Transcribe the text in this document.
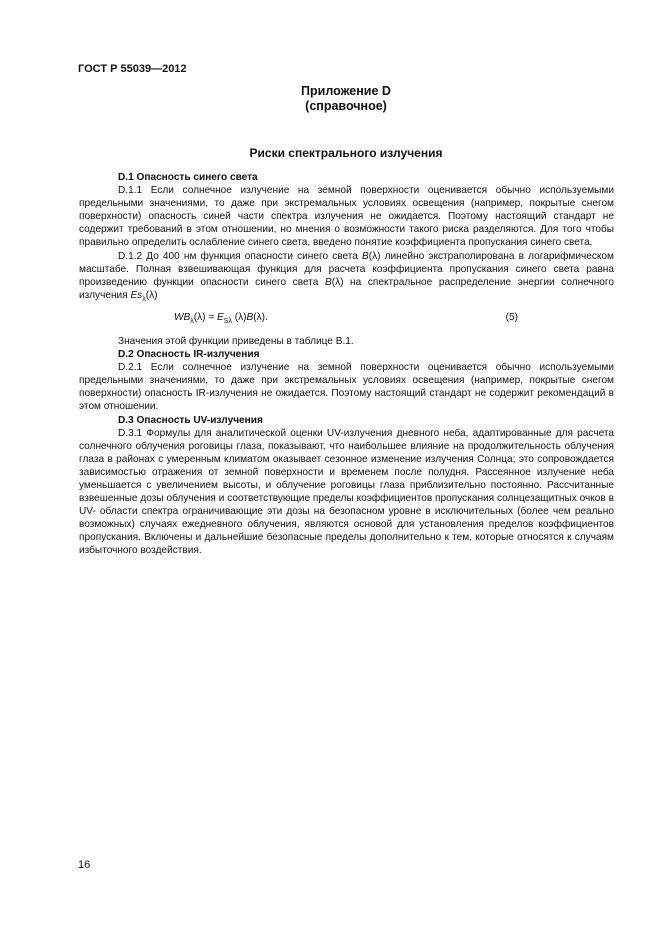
ГОСТ Р 55039—2012
Приложение D
(справочное)
Риски спектрального излучения
D.1 Опасность синего света

D.1.1 Если солнечное излучение на земной поверхности оценивается обычно используемыми предельными значениями, то даже при экстремальных условиях освещения (например, покрытые снегом поверхности) опасность синей части спектра излучения не ожидается. Поэтому настоящий стандарт не содержит требований в этом отношении, но мнения о возможности такого риска разделяются. Для того чтобы правильно определить ослабление синего света, введено понятие коэффициента пропускания синего света.

D.1.2 До 400 нм функция опасности синего света B(λ) линейно экстраполирована в логарифмическом масштабе. Полная взвешивающая функция для расчета коэффициента пропускания синего света равна произведению функции опасности синего света B(λ) на спектральное распределение энергии солнечного излучения $Es_\lambda(\lambda)$

$WB_\lambda(\lambda) = E_{S\lambda}$ (λ)B(λ).	(5)

Значения этой функции приведены в таблице B.1.

D.2 Опасность IR-излучения

D.2.1 Если солнечное излучение на земной поверхности оценивается обычно используемыми предельными значениями, то даже при экстремальных условиях освещения (например, покрытые снегом поверхности) опасность IR-излучения не ожидается. Поэтому настоящий стандарт не содержит рекомендаций в этом отношении.

D.3 Опасность UV-излучения

D.3.1 Формулы для аналитической оценки UV-излучения дневного неба, адаптированные для расчета солнечного облучения роговицы глаза, показывают, что наибольшее влияние на продолжительность облучения глаза в районах с умеренным климатом оказывает сезонное изменение излучения Солнца; это сопровождается зависимостью отражения от земной поверхности и временем после полудня. Рассеянное излучение неба уменьшается с увеличением высоты, и облучение роговицы глаза приблизительно постоянно. Рассчитанные взвешенные дозы облучения и соответствующие пределы коэффициентов пропускания солнцезащитных очков в UV- области спектра ограничивающие эти дозы на безопасном уровне в исключительных (более чем реально возможных) случаях ежедневного облучения, являются основой для установления пределов коэффициентов пропускания. Включены и дальнейшие безопасные пределы дополнительно к тем, которые относятся к случаям избыточного воздействия.

16
